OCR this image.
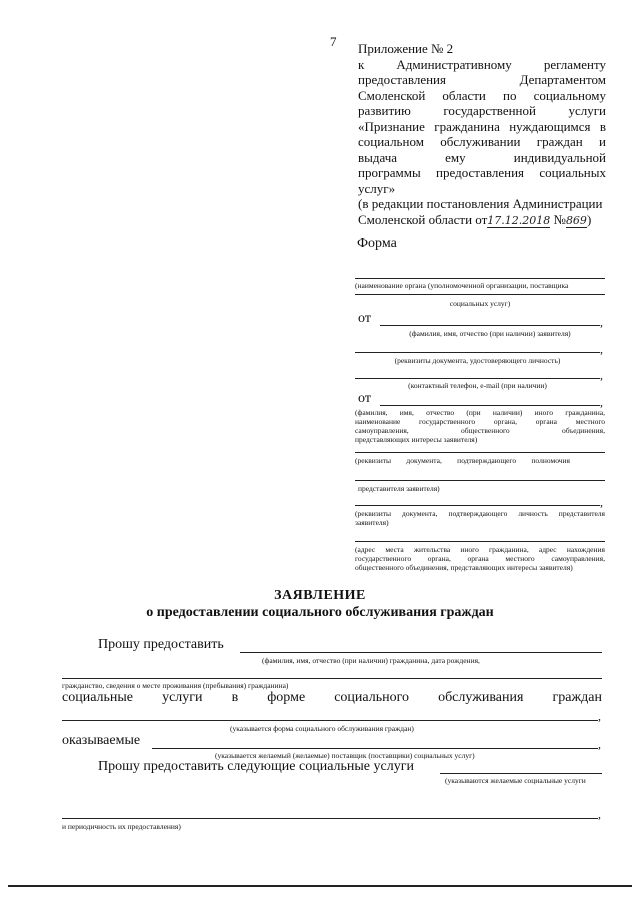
7 Приложение № 2
к Административному регламенту
предоставления Департаментом
Смоленской области по социальному
развитию государственной услуги
«Признание гражданина нуждающимся в
социальном обслуживании граждан и
выдача ему индивидуальной
программы предоставления социальных
услуг»
(в редакции постановления Администрации
Смоленской области от17.12.2018 №869)
Форма
(наименование органа (уполномоченной организации, поставщика
социальных услуг)
от	,
(фамилия, имя, отчество (при наличии) заявителя)
,
(реквизиты документа, удостоверяющего личность)
,
(контактный телефон, e-mail (при наличии)
от	,
(фамилия, имя, отчество (при наличии) иного гражданина,
наименование государственного органа, органа местного
самоуправления, общественного объединения,
представляющих интересы заявителя)
(реквизиты документа, подтверждающего полномочия
представителя заявителя)
,
(реквизиты документа, подтверждающего личность представителя
заявителя)
(адрес места жительства иного гражданина, адрес нахождения
государственного органа, органа местного самоуправления,
общественного объединения, представляющих интересы заявителя)
ЗАЯВЛЕНИЕ
о предоставлении социального обслуживания граждан
Прошу предоставить
(фамилия, имя, отчество (при наличии) гражданина, дата рождения,
гражданство, сведения о месте проживания (пребывания) гражданина)
социальные услуги в форме социального обслуживания граждан
,
(указывается форма социального обслуживания граждан)
оказываемые	,
(указывается желаемый (желаемые) поставщик (поставщики) социальных услуг)
Прошу предоставить следующие социальные услуги
(указываются желаемые социальные услуги
,
и периодичность их предоставления)
